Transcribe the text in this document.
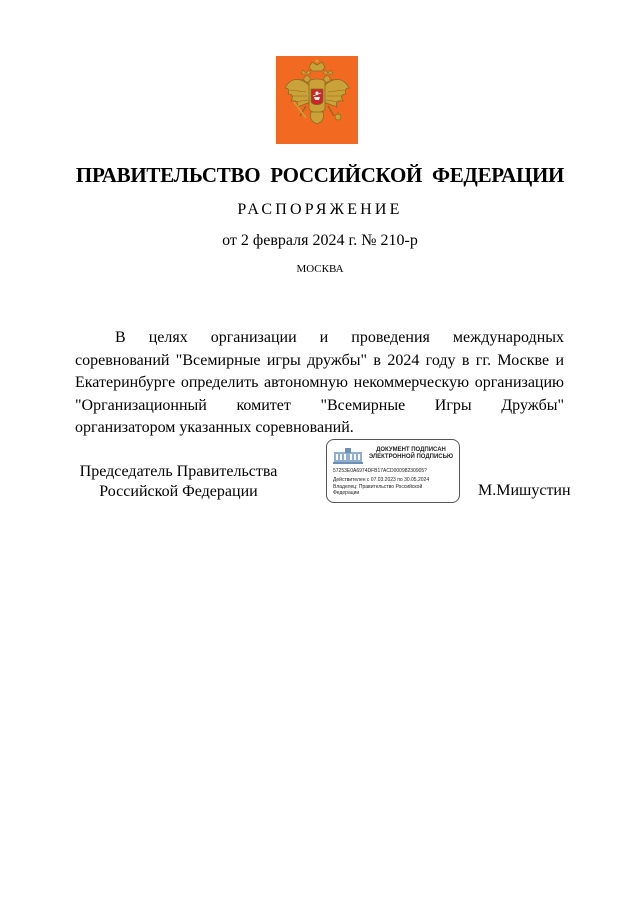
ПРАВИТЕЛЬСТВО РОССИЙСКОЙ ФЕДЕРАЦИИ
РАСПОРЯЖЕНИЕ
от 2 февраля 2024 г. № 210-р
МОСКВА

В целях организации и проведения международных соревнований "Всемирные игры дружбы" в 2024 году в гг. Москве и Екатеринбурге определить автономную некоммерческую организацию "Организационный комитет "Всемирные Игры Дружбы" организатором указанных соревнований.

Председатель Правительства
Российской Федерации
ДОКУМЕНТ ПОДПИСАН
ЭЛЕКТРОННОЙ ПОДПИСЬЮ
57253E0A6974DFB17ACD00098230905?
Действителен с 07.03.2023 по 30.05.2024
Владелец: Правительство Российской
Федерации	М.Мишустин
